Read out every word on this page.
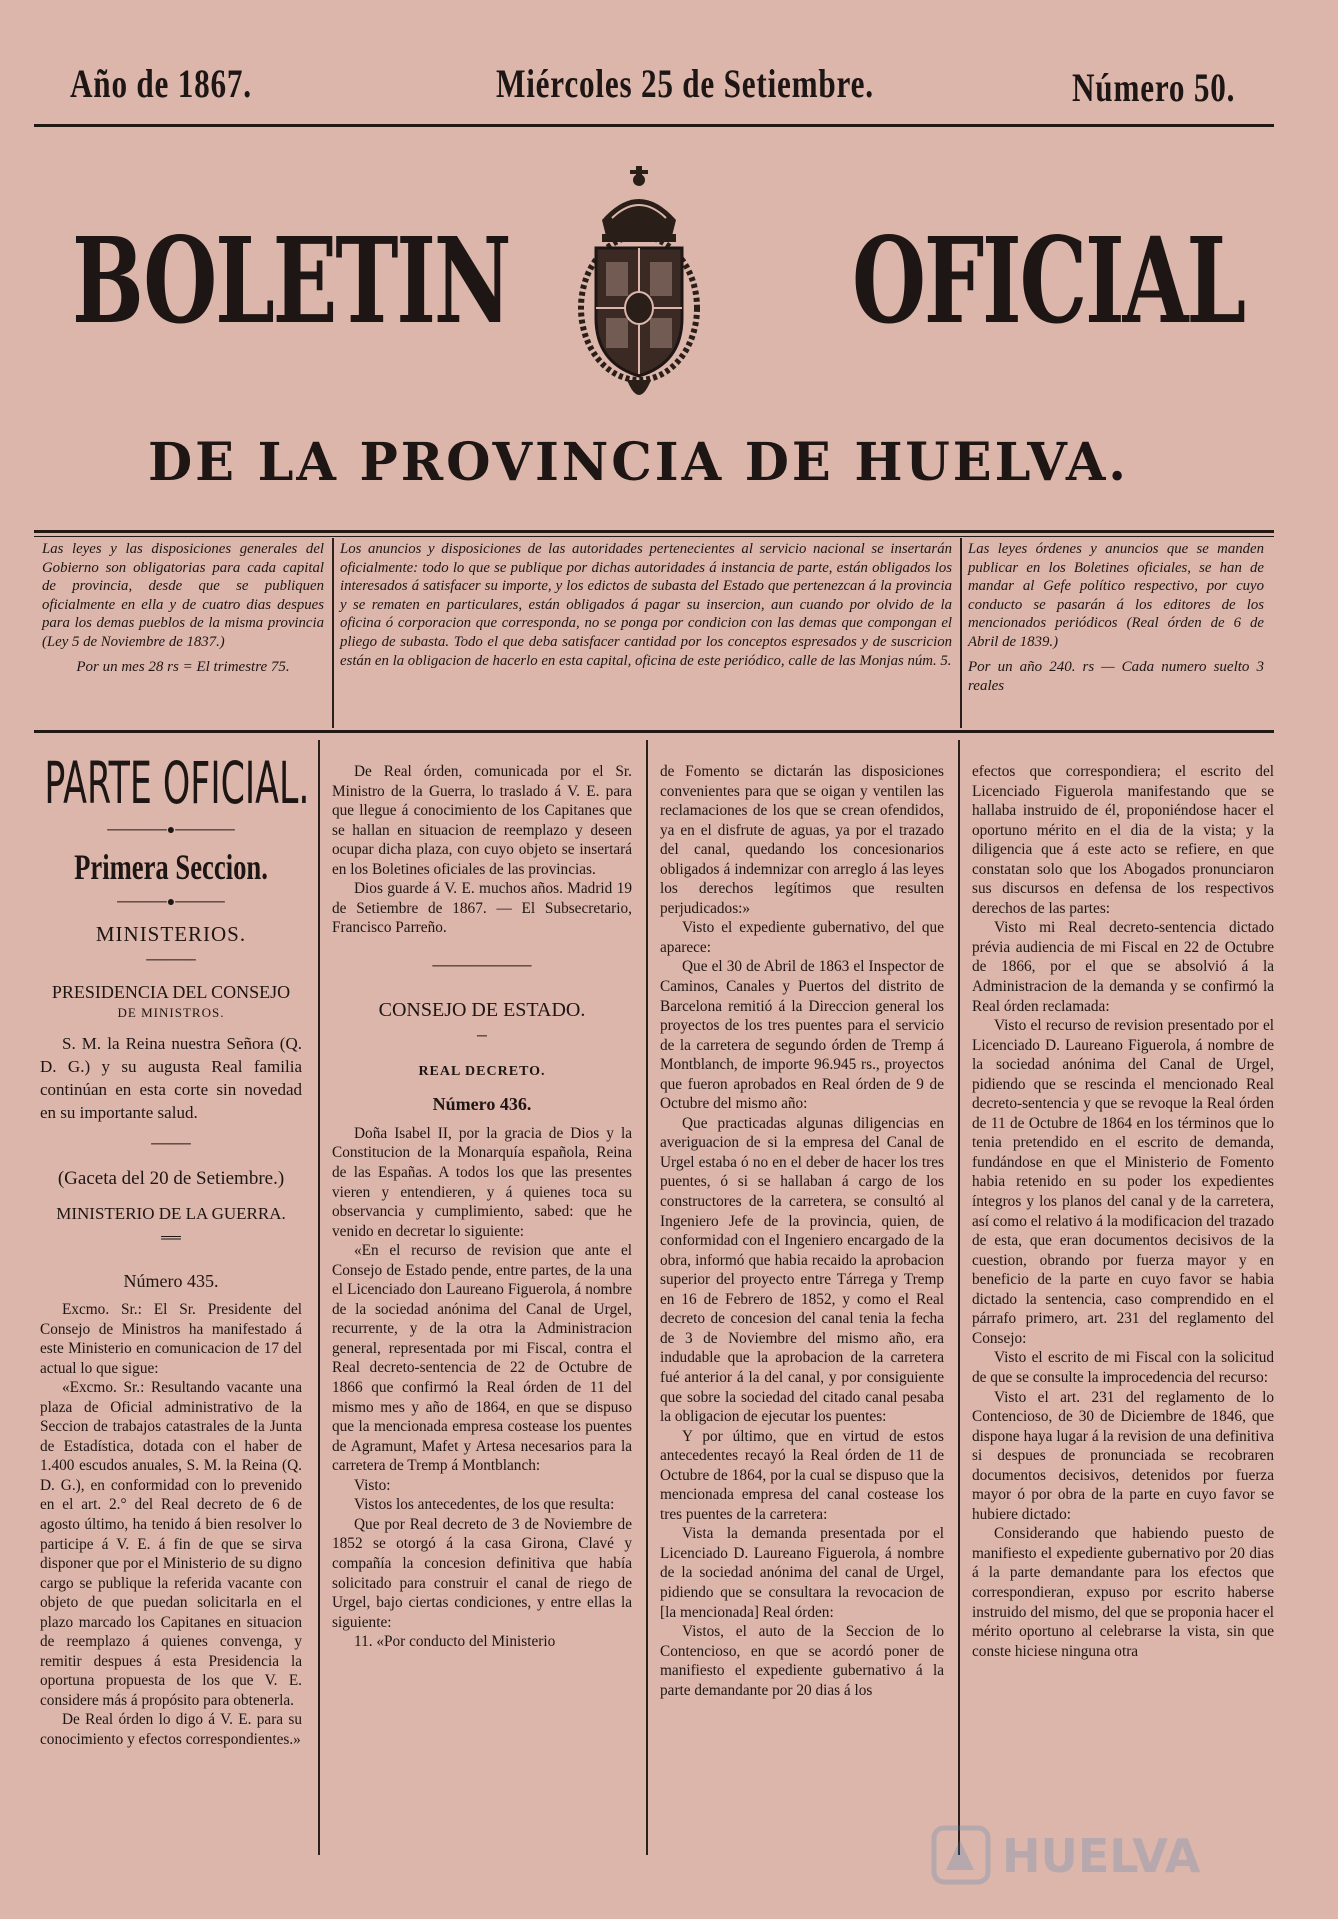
Año de 1867.	Miércoles 25 de Setiembre.	Número 50.
BOLETIN	OFICIAL
DE LA PROVINCIA DE HUELVA.

Las leyes y las disposiciones generales del Gobierno son obligatorias para cada capital de provincia, desde que se publiquen oficialmente en ella y de cuatro dias despues para los demas pueblos de la misma provincia (Ley 5 de Noviembre de 1837.)

Por un mes 28 rs = El trimestre 75.

Los anuncios y disposiciones de las autoridades pertenecientes al servicio nacional se insertarán oficialmente: todo lo que se publique por dichas autoridades á instancia de parte, están obligados los interesados á satisfacer su importe, y los edictos de subasta del Estado que pertenezcan á la provincia y se rematen en particulares, están obligados á pagar su insercion, aun cuando por olvido de la oficina ó corporacion que corresponda, no se ponga por condicion con las demas que compongan el pliego de subasta. Todo el que deba satisfacer cantidad por los conceptos espresados y de suscricion están en la obligacion de hacerlo en esta capital, oficina de este periódico, calle de las Monjas núm. 5.

Las leyes órdenes y anuncios que se manden publicar en los Boletines oficiales, se han de mandar al Gefe político respectivo, por cuyo conducto se pasarán á los editores de los mencionados periódicos (Real órden de 6 de Abril de 1839.)

Por un año 240. rs — Cada numero suelto 3 reales

PARTE OFICIAL.
──────●──────
Primera Seccion.
─────●─────
MINISTERIOS.
─────
PRESIDENCIA DEL CONSEJO
DE MINISTROS.

S. M. la Reina nuestra Señora (Q. D. G.) y su augusta Real familia continúan en esta corte sin novedad en su importante salud.

────
(Gaceta del 20 de Setiembre.)
MINISTERIO DE LA GUERRA.
══
Número 435.

Excmo. Sr.: El Sr. Presidente del Consejo de Ministros ha manifestado á este Ministerio en comunicacion de 17 del actual lo que sigue:

«Excmo. Sr.: Resultando vacante una plaza de Oficial administrativo de la Seccion de trabajos catastrales de la Junta de Estadística, dotada con el haber de 1.400 escudos anuales, S. M. la Reina (Q. D. G.), en conformidad con lo prevenido en el art. 2.° del Real decreto de 6 de agosto último, ha tenido á bien resolver lo participe á V. E. á fin de que se sirva disponer que por el Ministerio de su digno cargo se publique la referida vacante con objeto de que puedan solicitarla en el plazo marcado los Capitanes en situacion de reemplazo á quienes convenga, y remitir despues á esta Presidencia la oportuna propuesta de los que V. E. considere más á propósito para obtenerla.

De Real órden lo digo á V. E. para su conocimiento y efectos correspondientes.»

De Real órden, comunicada por el Sr. Ministro de la Guerra, lo traslado á V. E. para que llegue á conocimiento de los Capitanes que se hallan en situacion de reemplazo y deseen ocupar dicha plaza, con cuyo objeto se insertará en los Boletines oficiales de las provincias.

Dios guarde á V. E. muchos años. Madrid 19 de Setiembre de 1867. — El Subsecretario, Francisco Parreño.

──────────
CONSEJO DE ESTADO.
─
REAL DECRETO.
Número 436.

Doña Isabel II, por la gracia de Dios y la Constitucion de la Monarquía española, Reina de las Españas. A todos los que las presentes vieren y entendieren, y á quienes toca su observancia y cumplimiento, sabed: que he venido en decretar lo siguiente:

«En el recurso de revision que ante el Consejo de Estado pende, entre partes, de la una el Licenciado don Laureano Figuerola, á nombre de la sociedad anónima del Canal de Urgel, recurrente, y de la otra la Administracion general, representada por mi Fiscal, contra el Real decreto-sentencia de 22 de Octubre de 1866 que confirmó la Real órden de 11 del mismo mes y año de 1864, en que se dispuso que la mencionada empresa costease los puentes de Agramunt, Mafet y Artesa necesarios para la carretera de Tremp á Montblanch:

Visto:

Vistos los antecedentes, de los que resulta:

Que por Real decreto de 3 de Noviembre de 1852 se otorgó á la casa Girona, Clavé y compañía la concesion definitiva que había solicitado para construir el canal de riego de Urgel, bajo ciertas condiciones, y entre ellas la siguiente:

11. «Por conducto del Ministerio

de Fomento se dictarán las disposiciones convenientes para que se oigan y ventilen las reclamaciones de los que se crean ofendidos, ya en el disfrute de aguas, ya por el trazado del canal, quedando los concesionarios obligados á indemnizar con arreglo á las leyes los derechos legítimos que resulten perjudicados:»

Visto el expediente gubernativo, del que aparece:

Que el 30 de Abril de 1863 el Inspector de Caminos, Canales y Puertos del distrito de Barcelona remitió á la Direccion general los proyectos de los tres puentes para el servicio de la carretera de segundo órden de Tremp á Montblanch, de importe 96.945 rs., proyectos que fueron aprobados en Real órden de 9 de Octubre del mismo año:

Que practicadas algunas diligencias en averiguacion de si la empresa del Canal de Urgel estaba ó no en el deber de hacer los tres puentes, ó si se hallaban á cargo de los constructores de la carretera, se consultó al Ingeniero Jefe de la provincia, quien, de conformidad con el Ingeniero encargado de la obra, informó que habia recaido la aprobacion superior del proyecto entre Tárrega y Tremp en 16 de Febrero de 1852, y como el Real decreto de concesion del canal tenia la fecha de 3 de Noviembre del mismo año, era indudable que la aprobacion de la carretera fué anterior á la del canal, y por consiguiente que sobre la sociedad del citado canal pesaba la obligacion de ejecutar los puentes:

Y por último, que en virtud de estos antecedentes recayó la Real órden de 11 de Octubre de 1864, por la cual se dispuso que la mencionada empresa del canal costease los tres puentes de la carretera:

Vista la demanda presentada por el Licenciado D. Laureano Figuerola, á nombre de la sociedad anónima del canal de Urgel, pidiendo que se consultara la revocacion de [la mencionada] Real órden:

Vistos, el auto de la Seccion de lo Contencioso, en que se acordó poner de manifiesto el expediente gubernativo á la parte demandante por 20 dias á los

efectos que correspondiera; el escrito del Licenciado Figuerola manifestando que se hallaba instruido de él, proponiéndose hacer el oportuno mérito en el dia de la vista; y la diligencia que á este acto se refiere, en que constatan solo que los Abogados pronunciaron sus discursos en defensa de los respectivos derechos de las partes:

Visto mi Real decreto-sentencia dictado prévia audiencia de mi Fiscal en 22 de Octubre de 1866, por el que se absolvió á la Administracion de la demanda y se confirmó la Real órden reclamada:

Visto el recurso de revision presentado por el Licenciado D. Laureano Figuerola, á nombre de la sociedad anónima del Canal de Urgel, pidiendo que se rescinda el mencionado Real decreto-sentencia y que se revoque la Real órden de 11 de Octubre de 1864 en los términos que lo tenia pretendido en el escrito de demanda, fundándose en que el Ministerio de Fomento habia retenido en su poder los expedientes íntegros y los planos del canal y de la carretera, así como el relativo á la modificacion del trazado de esta, que eran documentos decisivos de la cuestion, obrando por fuerza mayor y en beneficio de la parte en cuyo favor se habia dictado la sentencia, caso comprendido en el párrafo primero, art. 231 del reglamento del Consejo:

Visto el escrito de mi Fiscal con la solicitud de que se consulte la improcedencia del recurso:

Visto el art. 231 del reglamento de lo Contencioso, de 30 de Diciembre de 1846, que dispone haya lugar á la revision de una definitiva si despues de pronunciada se recobraren documentos decisivos, detenidos por fuerza mayor ó por obra de la parte en cuyo favor se hubiere dictado:

Considerando que habiendo puesto de manifiesto el expediente gubernativo por 20 dias á la parte demandante para los efectos que correspondieran, expuso por escrito haberse instruido del mismo, del que se proponia hacer el mérito oportuno al celebrarse la vista, sin que conste hiciese ninguna otra

HUELVA
